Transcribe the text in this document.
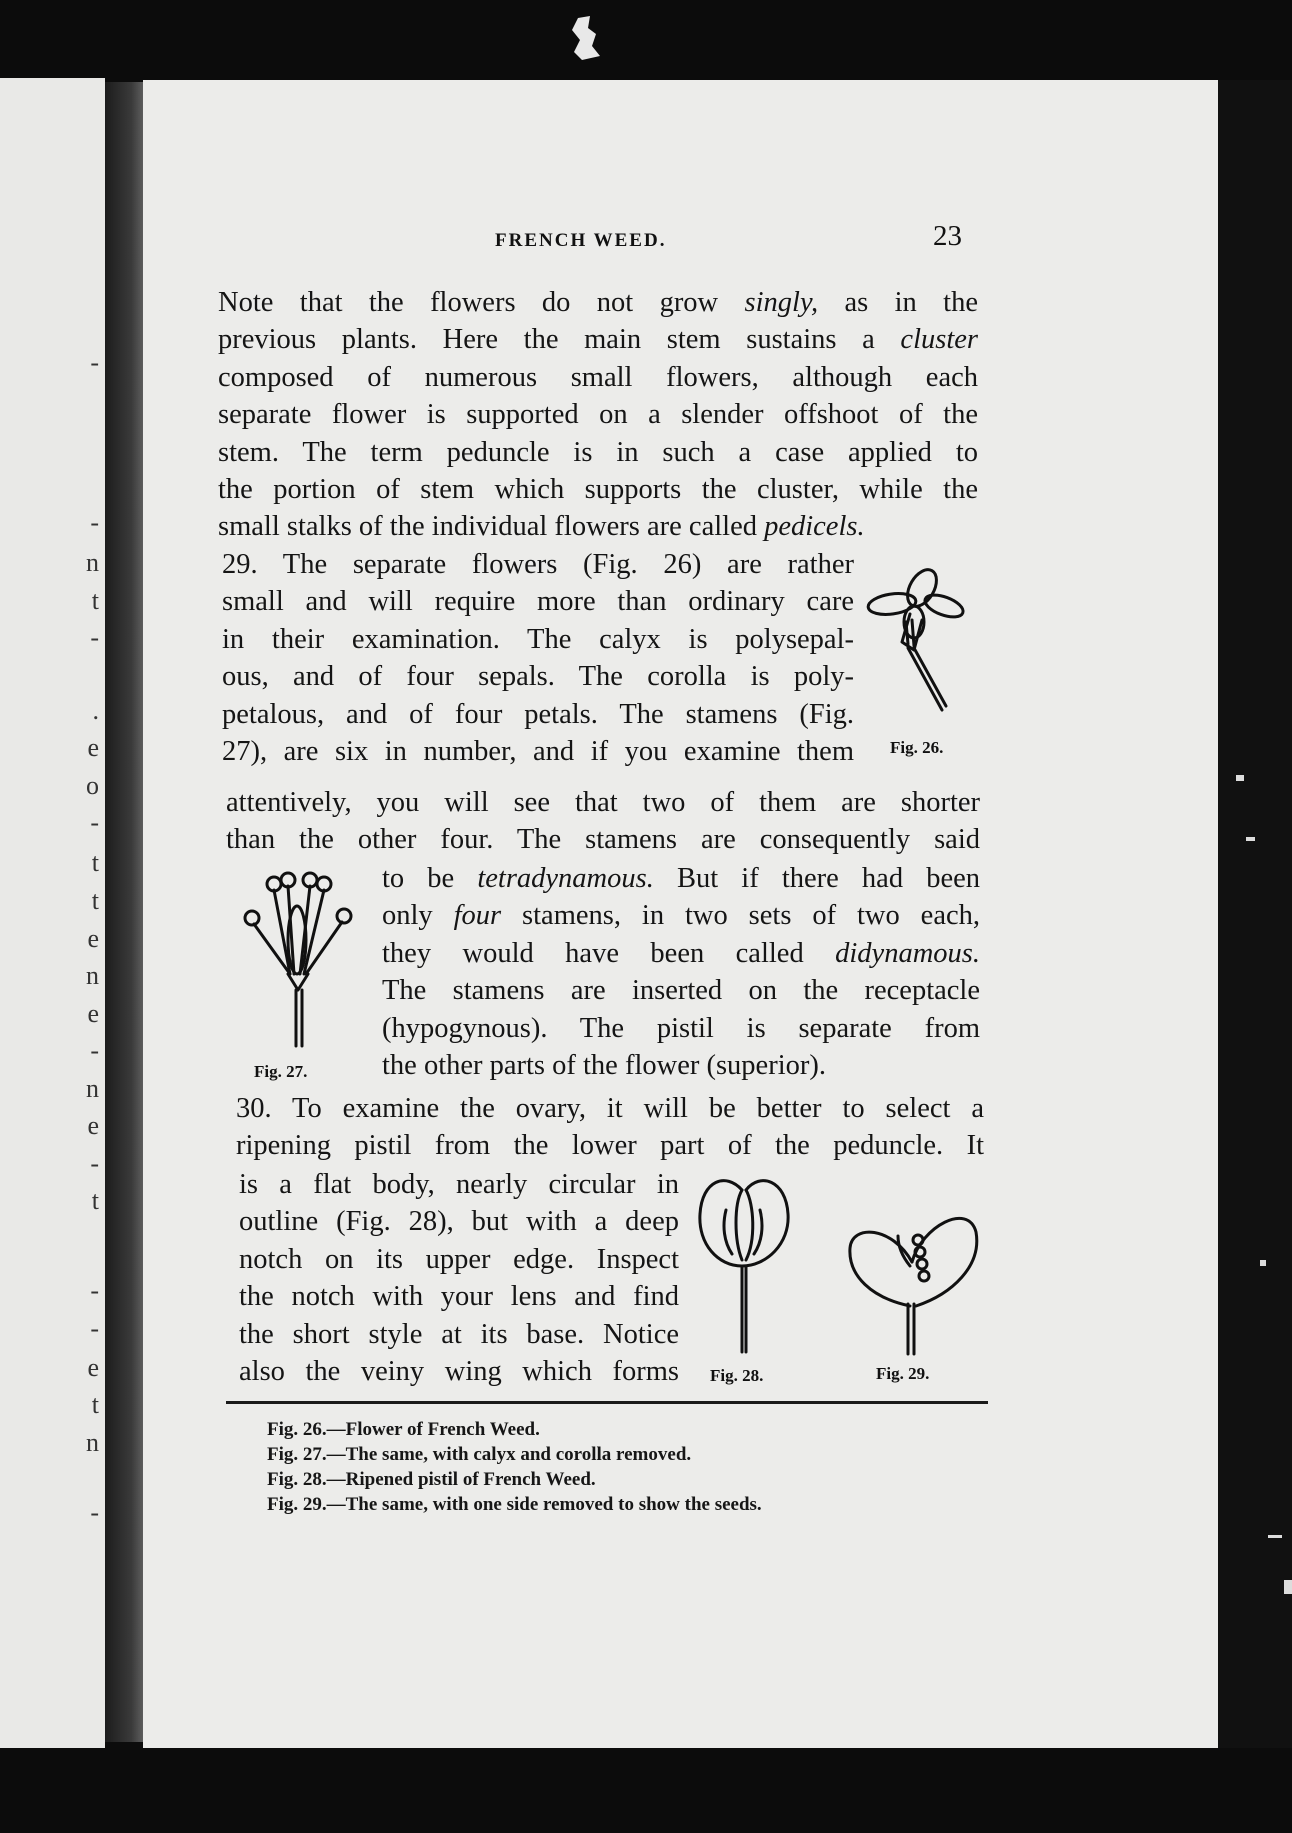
-
-
n
t
-
.
e
o
-
t
t
e
n
e
-
n
e
-
t
-
-
e
t
n
-
FRENCH WEED.	23
Note that the flowers do not grow singly, as in the
previous plants. Here the main stem sustains a cluster
composed of numerous small flowers, although each
separate flower is supported on a slender offshoot of the
stem. The term peduncle is in such a case applied to
the portion of stem which supports the cluster, while the
small stalks of the individual flowers are called pedicels.
29. The separate flowers (Fig. 26) are rather
small and will require more than ordinary care
in their examination. The calyx is polysepal-
ous, and of four sepals. The corolla is poly-
petalous, and of four petals. The stamens (Fig.
27), are six in number, and if you examine them
attentively, you will see that two of them are shorter
than the other four. The stamens are consequently said
to be tetradynamous. But if there had been
only four stamens, in two sets of two each,
they would have been called didynamous.
The stamens are inserted on the receptacle
(hypogynous). The pistil is separate from
the other parts of the flower (superior).
30. To examine the ovary, it will be better to select a
ripening pistil from the lower part of the peduncle. It
is a flat body, nearly circular in
outline (Fig. 28), but with a deep
notch on its upper edge. Inspect
the notch with your lens and find
the short style at its base. Notice
also the veiny wing which forms
Fig. 26.
Fig. 27.
Fig. 28.	Fig. 29.
Fig. 26.—Flower of French Weed.
Fig. 27.—The same, with calyx and corolla removed.
Fig. 28.—Ripened pistil of French Weed.
Fig. 29.—The same, with one side removed to show the seeds.
